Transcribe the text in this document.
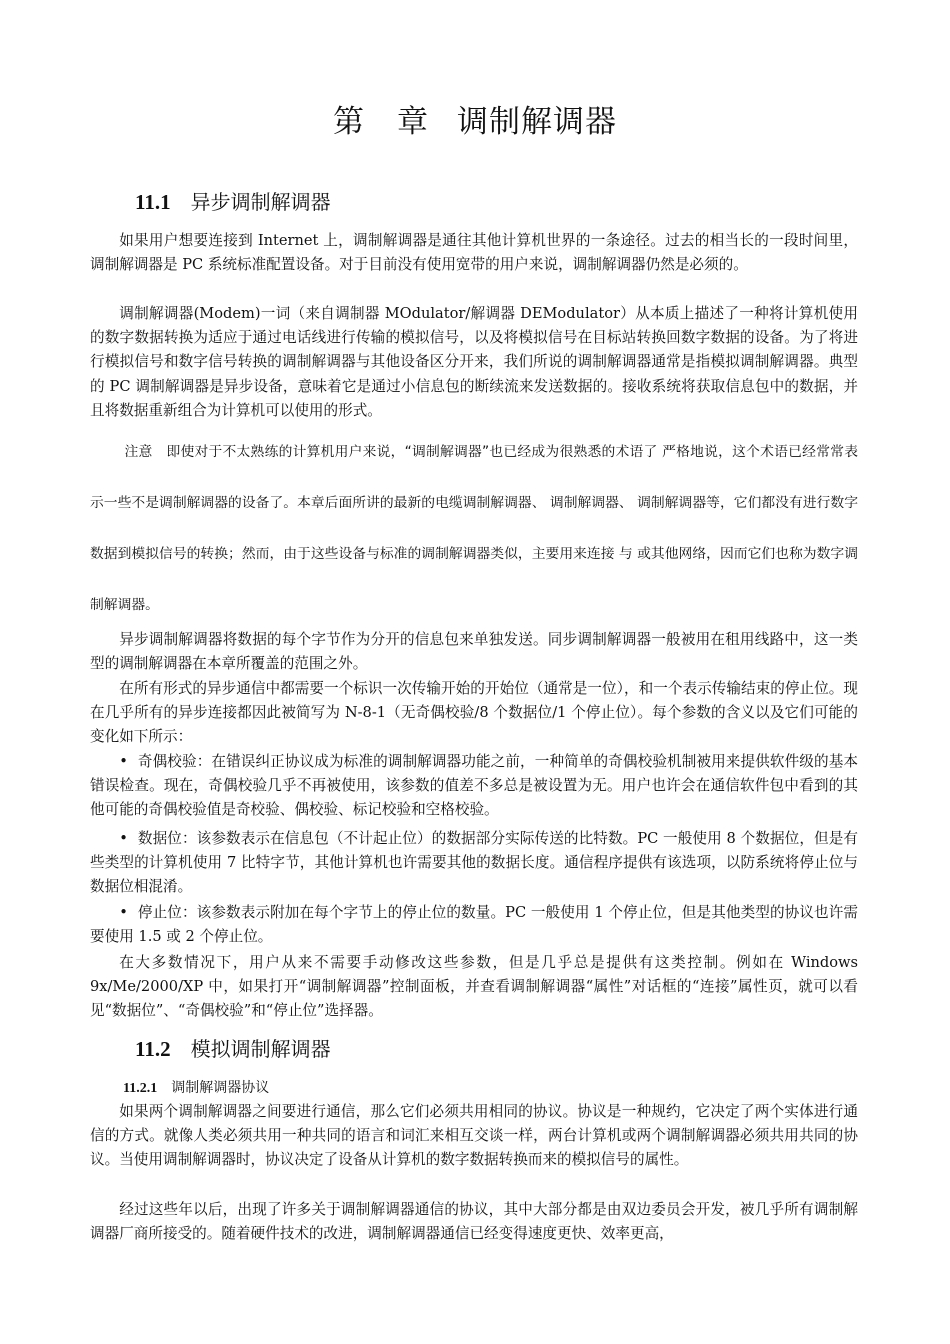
第 章 调制解调器
11.1 异步调制解调器

如果用户想要连接到 Internet 上，调制解调器是通往其他计算机世界的一条途径。过去的相当长的一段时间里，调制解调器是 PC 系统标准配置设备。对于目前没有使用宽带的用户来说，调制解调器仍然是必须的。

调制解调器(Modem)一词（来自调制器 MOdulator/解调器 DEModulator）从本质上描述了一种将计算机使用的数字数据转换为适应于通过电话线进行传输的模拟信号，以及将模拟信号在目标站转换回数字数据的设备。为了将进行模拟信号和数字信号转换的调制解调器与其他设备区分开来，我们所说的调制解调器通常是指模拟调制解调器。典型的 PC 调制解调器是异步设备，意味着它是通过小信息包的断续流来发送数据的。接收系统将获取信息包中的数据，并且将数据重新组合为计算机可以使用的形式。

注意 即使对于不太熟练的计算机用户来说，“调制解调器”也已经成为很熟悉的术语了 严格地说，这个术语已经常常表示一些不是调制解调器的设备了。本章后面所讲的最新的电缆调制解调器、 调制解调器、 调制解调器等，它们都没有进行数字数据到模拟信号的转换；然而，由于这些设备与标准的调制解调器类似，主要用来连接 与 或其他网络，因而它们也称为数字调制解调器。

异步调制解调器将数据的每个字节作为分开的信息包来单独发送。同步调制解调器一般被用在租用线路中，这一类型的调制解调器在本章所覆盖的范围之外。

在所有形式的异步通信中都需要一个标识一次传输开始的开始位（通常是一位），和一个表示传输结束的停止位。现在几乎所有的异步连接都因此被简写为 N-8-1（无奇偶校验/8 个数据位/1 个停止位）。每个参数的含义以及它们可能的变化如下所示：

• 奇偶校验：在错误纠正协议成为标准的调制解调器功能之前，一种简单的奇偶校验机制被用来提供软件级的基本错误检查。现在，奇偶校验几乎不再被使用，该参数的值差不多总是被设置为无。用户也许会在通信软件包中看到的其他可能的奇偶校验值是奇校验、偶校验、标记校验和空格校验。

• 数据位：该参数表示在信息包（不计起止位）的数据部分实际传送的比特数。PC 一般使用 8 个数据位，但是有些类型的计算机使用 7 比特字节，其他计算机也许需要其他的数据长度。通信程序提供有该选项，以防系统将停止位与数据位相混淆。

• 停止位：该参数表示附加在每个字节上的停止位的数量。PC 一般使用 1 个停止位，但是其他类型的协议也许需要使用 1.5 或 2 个停止位。

在大多数情况下，用户从来不需要手动修改这些参数，但是几乎总是提供有这类控制。例如在 Windows 9x/Me/2000/XP 中，如果打开“调制解调器”控制面板，并查看调制解调器“属性”对话框的“连接”属性页，就可以看见“数据位”、“奇偶校验”和“停止位”选择器。

11.2 模拟调制解调器
11.2.1 调制解调器协议

如果两个调制解调器之间要进行通信，那么它们必须共用相同的协议。协议是一种规约，它决定了两个实体进行通信的方式。就像人类必须共用一种共同的语言和词汇来相互交谈一样，两台计算机或两个调制解调器必须共用共同的协议。当使用调制解调器时，协议决定了设备从计算机的数字数据转换而来的模拟信号的属性。

经过这些年以后，出现了许多关于调制解调器通信的协议，其中大部分都是由双边委员会开发，被几乎所有调制解调器厂商所接受的。随着硬件技术的改进，调制解调器通信已经变得速度更快、效率更高，
